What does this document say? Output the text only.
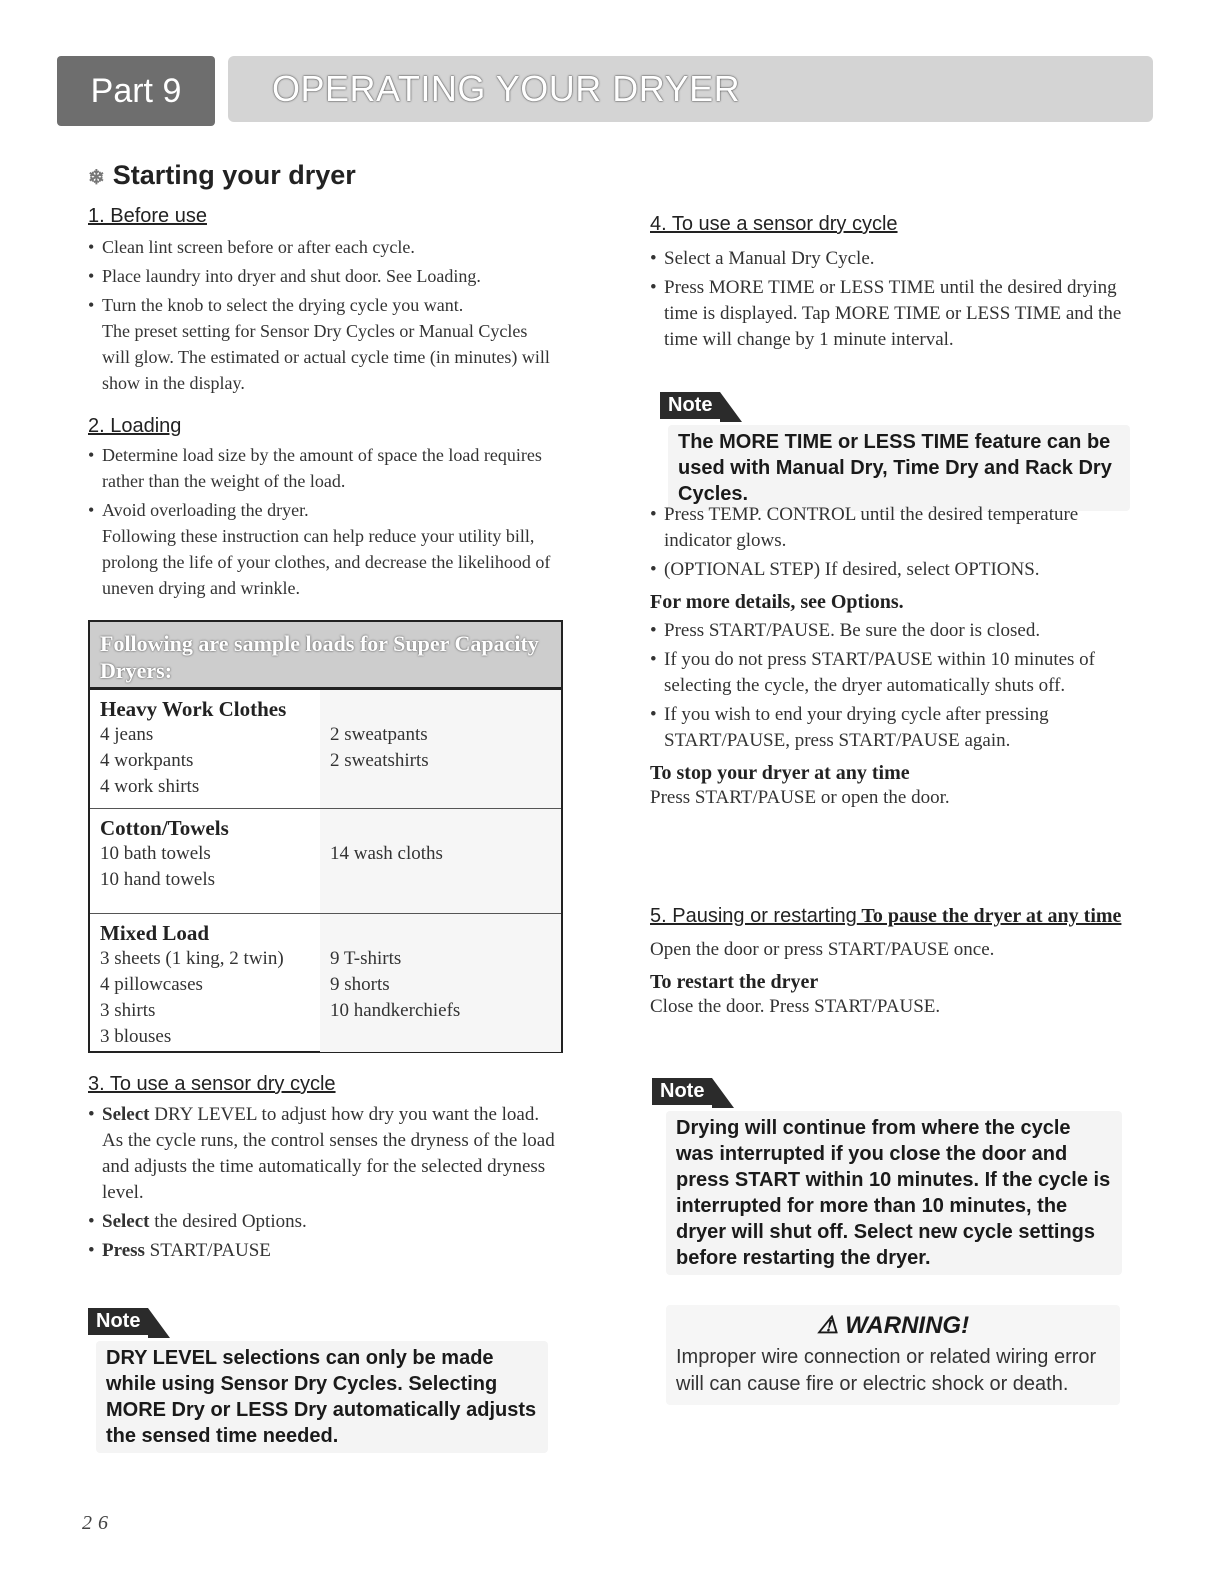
Part 9	OPERATING YOUR DRYER
❄ Starting your dryer
1. Before use
• Clean lint screen before or after each cycle.
• Place laundry into dryer and shut door. See Loading.
• Turn the knob to select the drying cycle you want.
The preset setting for Sensor Dry Cycles or Manual Cycles will glow. The estimated or actual cycle time (in minutes) will show in the display.
2. Loading
• Determine load size by the amount of space the load requires rather than the weight of the load.
• Avoid overloading the dryer.
Following these instruction can help reduce your utility bill, prolong the life of your clothes, and decrease the likelihood of uneven drying and wrinkle.
Following are sample loads for Super Capacity Dryers:
Heavy Work Clothes
4 jeans
4 workpants
4 work shirts
2 sweatpants
2 sweatshirts
Cotton/Towels
10 bath towels
10 hand towels
14 wash cloths
Mixed Load
3 sheets (1 king, 2 twin)
4 pillowcases
3 shirts
3 blouses
9 T-shirts
9 shorts
10 handkerchiefs
3. To use a sensor dry cycle
• Select DRY LEVEL to adjust how dry you want the load. As the cycle runs, the control senses the dryness of the load and adjusts the time automatically for the selected dryness level.
• Select the desired Options.
• Press START/PAUSE
Note
DRY LEVEL selections can only be made while using Sensor Dry Cycles. Selecting MORE Dry or LESS Dry automatically adjusts the sensed time needed.
4. To use a sensor dry cycle
• Select a Manual Dry Cycle.
• Press MORE TIME or LESS TIME until the desired drying time is displayed. Tap MORE TIME or LESS TIME and the time will change by 1 minute interval.
Note
The MORE TIME or LESS TIME feature can be used with Manual Dry, Time Dry and Rack Dry Cycles.
• Press TEMP. CONTROL until the desired temperature indicator glows.
• (OPTIONAL STEP) If desired, select OPTIONS.
For more details, see Options.
• Press START/PAUSE. Be sure the door is closed.
• If you do not press START/PAUSE within 10 minutes of selecting the cycle, the dryer automatically shuts off.
• If you wish to end your drying cycle after pressing START/PAUSE, press START/PAUSE again.
To stop your dryer at any time
Press START/PAUSE or open the door.
5. Pausing or restarting To pause the dryer at any time
Open the door or press START/PAUSE once.
To restart the dryer
Close the door. Press START/PAUSE.
Note
Drying will continue from where the cycle was interrupted if you close the door and press START within 10 minutes. If the cycle is interrupted for more than 10 minutes, the dryer will shut off. Select new cycle settings before restarting the dryer.
⚠ WARNING!
Improper wire connection or related wiring error will can cause fire or electric shock or death.
26
